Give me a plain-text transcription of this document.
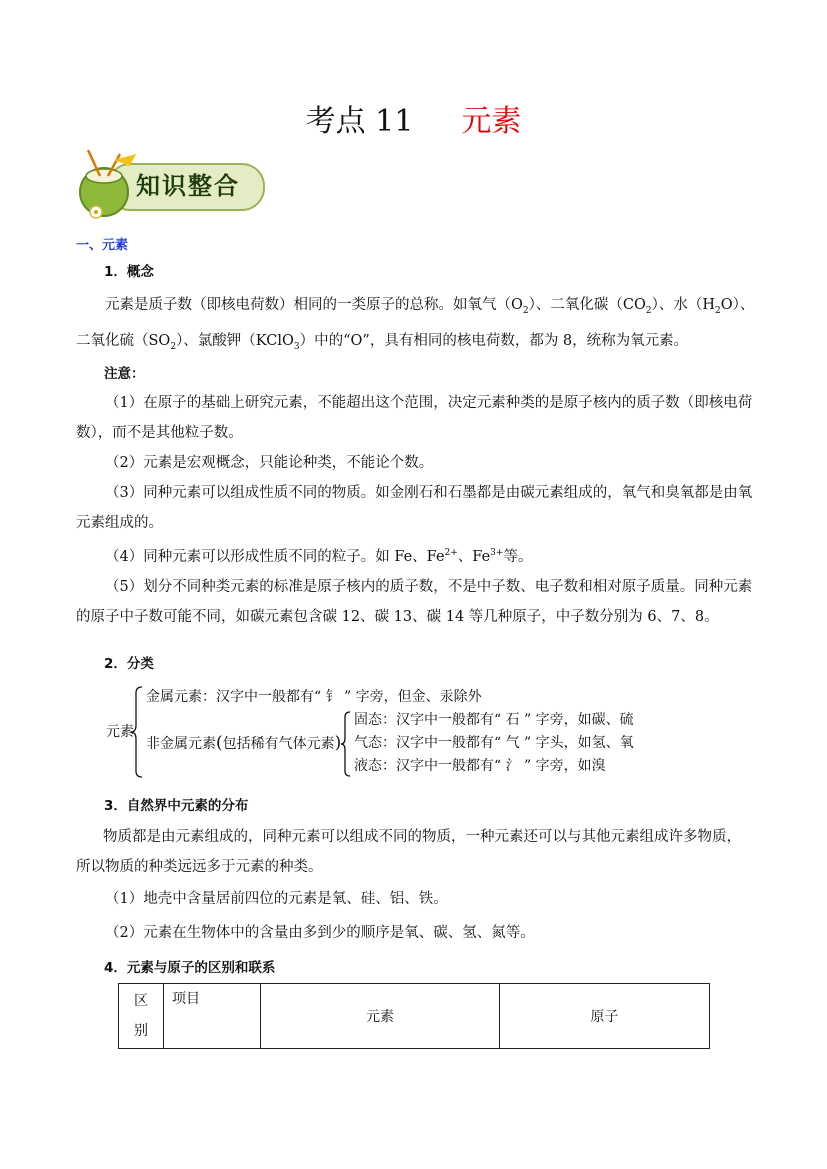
考点 11 元素
知识整合
一、元素
1．概念
元素是质子数（即核电荷数）相同的一类原子的总称。如氧气$(O_2)$、二氧化碳$(CO_2)$、水$(H_2O)$、
二氧化硫$(SO_2)$、氯酸钾（KClO$_3$）中的“O”，具有相同的核电荷数，都为 8，统称为氧元素。
注意：
（1）在原子的基础上研究元素，不能超出这个范围，决定元素种类的是原子核内的质子数（即核电荷
数），而不是其他粒子数。
（2）元素是宏观概念，只能论种类，不能论个数。
（3）同种元素可以组成性质不同的物质。如金刚石和石墨都是由碳元素组成的，氧气和臭氧都是由氧
元素组成的。
（4）同种元素可以形成性质不同的粒子。如 Fe、$Fe^{2+}$、$Fe^{3+}$等。
（5）划分不同种类元素的标准是原子核内的质子数，不是中子数、电子数和相对原子质量。同种元素
的原子中子数可能不同，如碳元素包含碳 12、碳 13、碳 14 等几种原子，中子数分别为 6、7、8。
2．分类
元素
金属元素：汉字中一般都有“ 钅 ” 字旁，但金、汞除外
非金属元素(包括稀有气体元素)
固态：汉字中一般都有“ 石 ” 字旁，如碳、硫
气态：汉字中一般都有“ 气 ” 字头，如氢、氧
液态：汉字中一般都有“ 氵 ” 字旁，如溴
3．自然界中元素的分布
物质都是由元素组成的，同种元素可以组成不同的物质，一种元素还可以与其他元素组成许多物质，
所以物质的种类远远多于元素的种类。
（1）地壳中含量居前四位的元素是氧、硅、铝、铁。
（2）元素在生物体中的含量由多到少的顺序是氧、碳、氢、氮等。
4．元素与原子的区别和联系
区
别
	项目	元素	原子
